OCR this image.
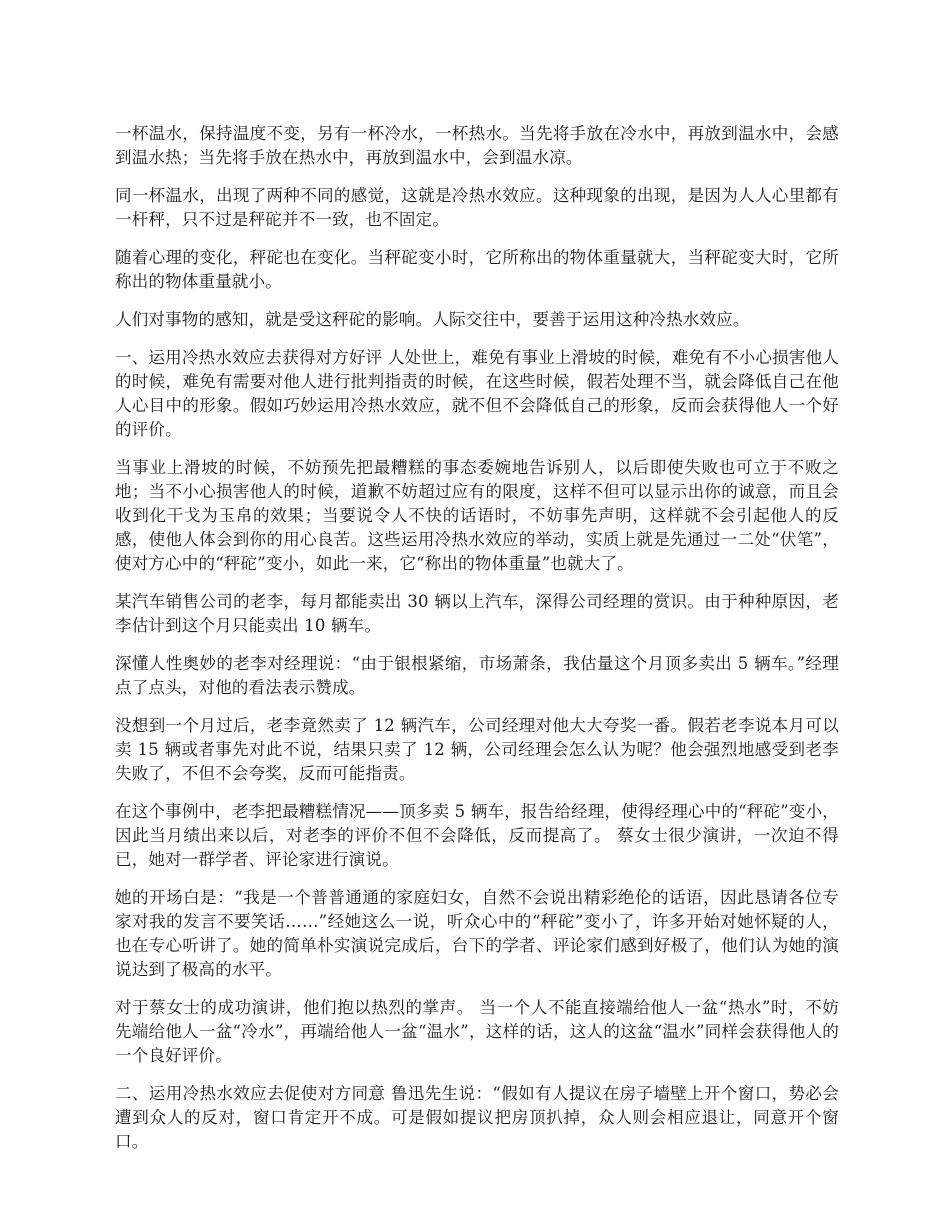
一杯温水，保持温度不变，另有一杯冷水，一杯热水。当先将手放在冷水中，再放到温水中，会感到温水热；当先将手放在热水中，再放到温水中，会到温水凉。

同一杯温水，出现了两种不同的感觉，这就是冷热水效应。这种现象的出现，是因为人人心里都有一杆秤，只不过是秤砣并不一致，也不固定。

随着心理的变化，秤砣也在变化。当秤砣变小时，它所称出的物体重量就大，当秤砣变大时，它所称出的物体重量就小。

人们对事物的感知，就是受这秤砣的影响。人际交往中，要善于运用这种冷热水效应。

一、运用冷热水效应去获得对方好评 人处世上，难免有事业上滑坡的时候，难免有不小心损害他人的时候，难免有需要对他人进行批判指责的时候，在这些时候，假若处理不当，就会降低自己在他人心目中的形象。假如巧妙运用冷热水效应，就不但不会降低自己的形象，反而会获得他人一个好的评价。

当事业上滑坡的时候，不妨预先把最糟糕的事态委婉地告诉别人，以后即使失败也可立于不败之地；当不小心损害他人的时候，道歉不妨超过应有的限度，这样不但可以显示出你的诚意，而且会收到化干戈为玉帛的效果；当要说令人不快的话语时，不妨事先声明，这样就不会引起他人的反感，使他人体会到你的用心良苦。这些运用冷热水效应的举动，实质上就是先通过一二处“伏笔”，使对方心中的“秤砣”变小，如此一来，它“称出的物体重量”也就大了。

某汽车销售公司的老李，每月都能卖出 30 辆以上汽车，深得公司经理的赏识。由于种种原因，老李估计到这个月只能卖出 10 辆车。

深懂人性奥妙的老李对经理说：“由于银根紧缩，市场萧条，我估量这个月顶多卖出 5 辆车。”经理点了点头，对他的看法表示赞成。

没想到一个月过后，老李竟然卖了 12 辆汽车，公司经理对他大大夸奖一番。假若老李说本月可以卖 15 辆或者事先对此不说，结果只卖了 12 辆，公司经理会怎么认为呢？他会强烈地感受到老李失败了，不但不会夸奖，反而可能指责。

在这个事例中，老李把最糟糕情况——顶多卖 5 辆车，报告给经理，使得经理心中的“秤砣”变小，因此当月绩出来以后，对老李的评价不但不会降低，反而提高了。 蔡女士很少演讲，一次迫不得已，她对一群学者、评论家进行演说。

她的开场白是：“我是一个普普通通的家庭妇女，自然不会说出精彩绝伦的话语，因此恳请各位专家对我的发言不要笑话……”经她这么一说，听众心中的“秤砣”变小了，许多开始对她怀疑的人，也在专心听讲了。她的简单朴实演说完成后，台下的学者、评论家们感到好极了，他们认为她的演说达到了极高的水平。

对于蔡女士的成功演讲，他们抱以热烈的掌声。 当一个人不能直接端给他人一盆“热水”时，不妨先端给他人一盆“冷水”，再端给他人一盆“温水”，这样的话，这人的这盆“温水”同样会获得他人的一个良好评价。

二、运用冷热水效应去促使对方同意 鲁迅先生说：“假如有人提议在房子墙壁上开个窗口，势必会遭到众人的反对，窗口肯定开不成。可是假如提议把房顶扒掉，众人则会相应退让，同意开个窗口。
